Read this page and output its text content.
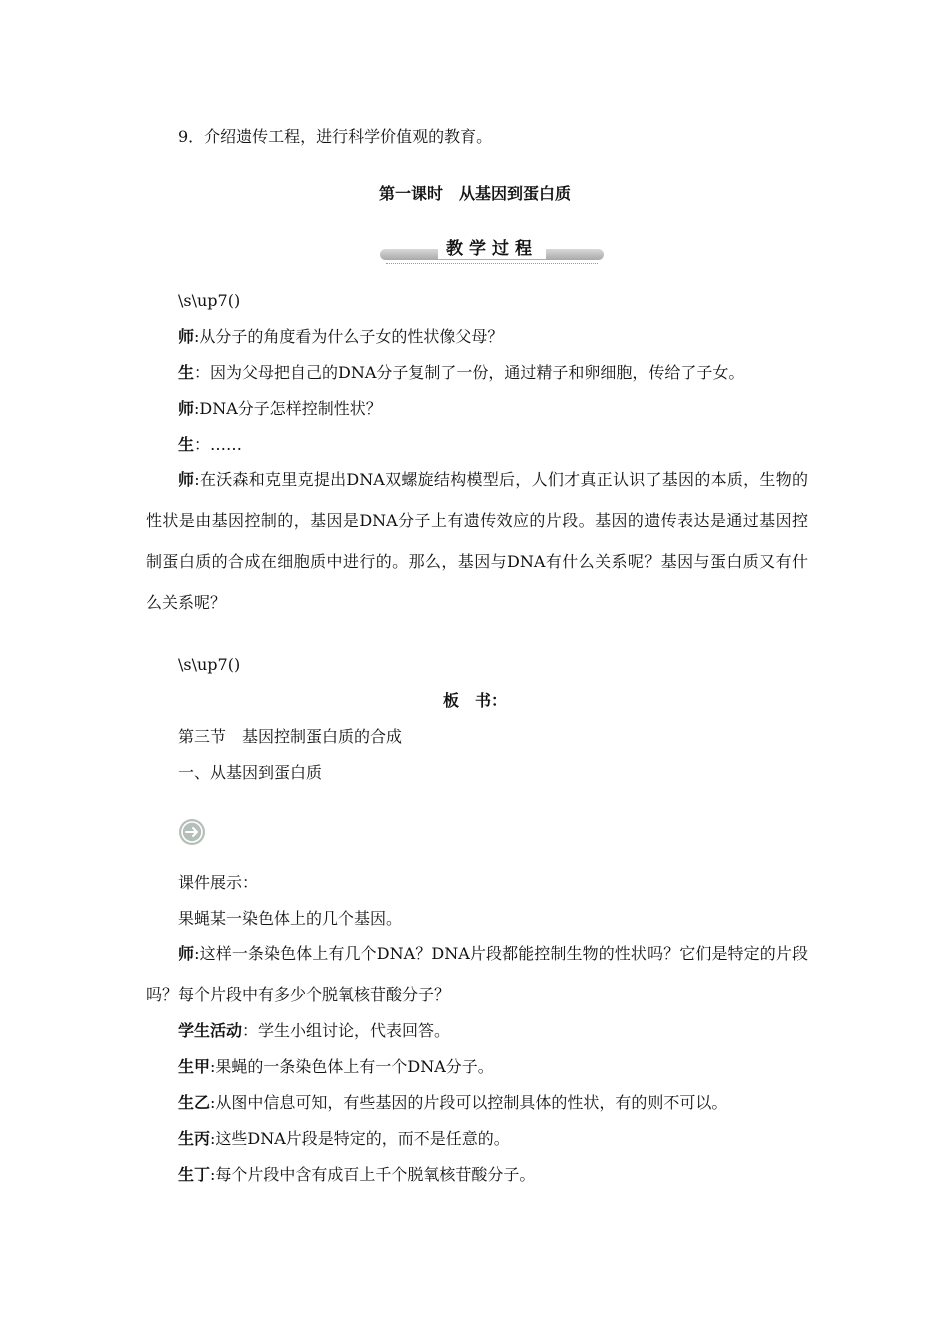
9．介绍遗传工程，进行科学价值观的教育。
第一课时　从基因到蛋白质
教学过程
\s\up7()
师:从分子的角度看为什么子女的性状像父母？
生：因为父母把自己的DNA分子复制了一份，通过精子和卵细胞，传给了子女。
师:DNA分子怎样控制性状？
生：……
师:在沃森和克里克提出DNA双螺旋结构模型后，人们才真正认识了基因的本质，生物的性状是由基因控制的，基因是DNA分子上有遗传效应的片段。基因的遗传表达是通过基因控制蛋白质的合成在细胞质中进行的。那么，基因与DNA有什么关系呢？基因与蛋白质又有什么关系呢？
\s\up7()
板　书：
第三节　基因控制蛋白质的合成
一、从基因到蛋白质
课件展示：
果蝇某一染色体上的几个基因。
师:这样一条染色体上有几个DNA？DNA片段都能控制生物的性状吗？它们是特定的片段吗？每个片段中有多少个脱氧核苷酸分子？
学生活动：学生小组讨论，代表回答。
生甲:果蝇的一条染色体上有一个DNA分子。
生乙:从图中信息可知，有些基因的片段可以控制具体的性状，有的则不可以。
生丙:这些DNA片段是特定的，而不是任意的。
生丁:每个片段中含有成百上千个脱氧核苷酸分子。
